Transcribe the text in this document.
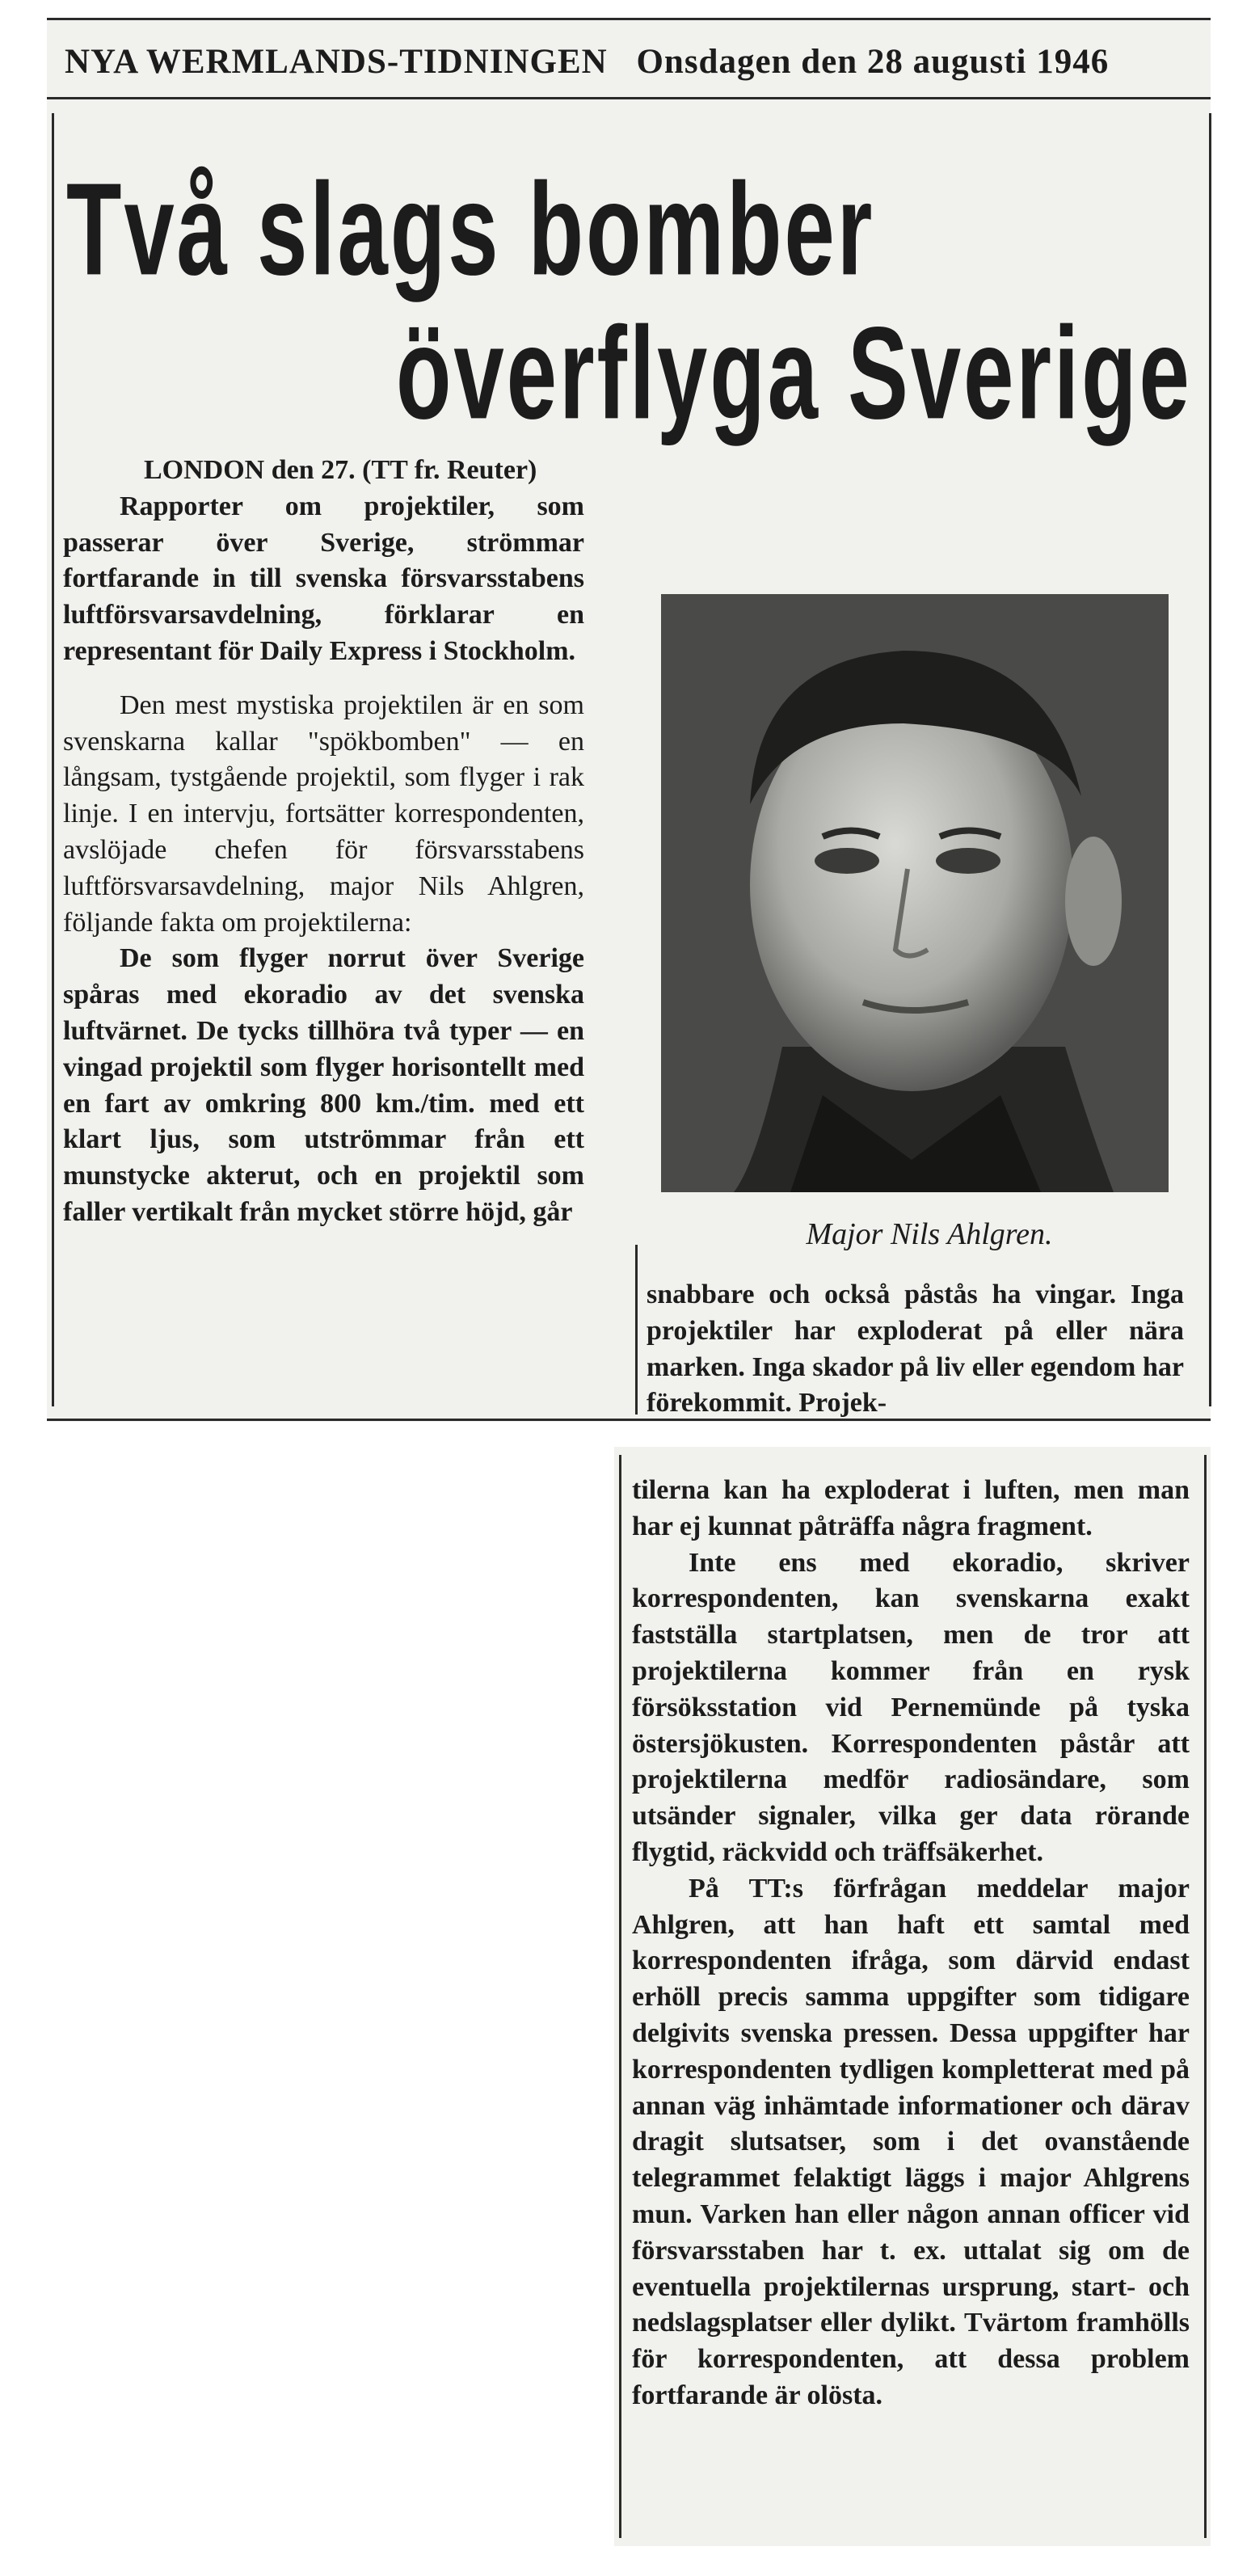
NYA WERMLANDS-TIDNINGEN Onsdagen den 28 augusti 1946
Två slags bomber
överflyga Sverige

LONDON den 27. (TT fr. Reuter)

Rapporter om projektiler, som passerar över Sverige, strömmar fortfarande in till svenska försvarsstabens luftförsvarsavdelning, förklarar en representant för Daily Express i Stockholm.

Den mest mystiska projektilen är en som svenskarna kallar "spökbomben" — en långsam, tystgående projektil, som flyger i rak linje. I en intervju, fortsätter korrespondenten, avslöjade chefen för försvarsstabens luftförsvarsavdelning, major Nils Ahlgren, följande fakta om projektilerna:

De som flyger norrut över Sverige spåras med ekoradio av det svenska luftvärnet. De tycks tillhöra två typer — en vingad projektil som flyger horisontellt med en fart av omkring 800 km./tim. med ett klart ljus, som utströmmar från ett munstycke akterut, och en projektil som faller vertikalt från mycket större höjd, går

Major Nils Ahlgren.

snabbare och också påstås ha vingar. Inga projektiler har exploderat på eller nära marken. Inga skador på liv eller egendom har förekommit. Projek-

tilerna kan ha exploderat i luften, men man har ej kunnat påträffa några fragment.

Inte ens med ekoradio, skriver korrespondenten, kan svenskarna exakt fastställa startplatsen, men de tror att projektilerna kommer från en rysk försöksstation vid Pernemünde på tyska östersjökusten. Korrespondenten påstår att projektilerna medför radiosändare, som utsänder signaler, vilka ger data rörande flygtid, räckvidd och träffsäkerhet.

På TT:s förfrågan meddelar major Ahlgren, att han haft ett samtal med korrespondenten ifråga, som därvid endast erhöll precis samma uppgifter som tidigare delgivits svenska pressen. Dessa uppgifter har korrespondenten tydligen kompletterat med på annan väg inhämtade informationer och därav dragit slutsatser, som i det ovanstående telegrammet felaktigt läggs i major Ahlgrens mun. Varken han eller någon annan officer vid försvarsstaben har t. ex. uttalat sig om de eventuella projektilernas ursprung, start- och nedslagsplatser eller dylikt. Tvärtom framhölls för korrespondenten, att dessa problem fortfarande är olösta.
